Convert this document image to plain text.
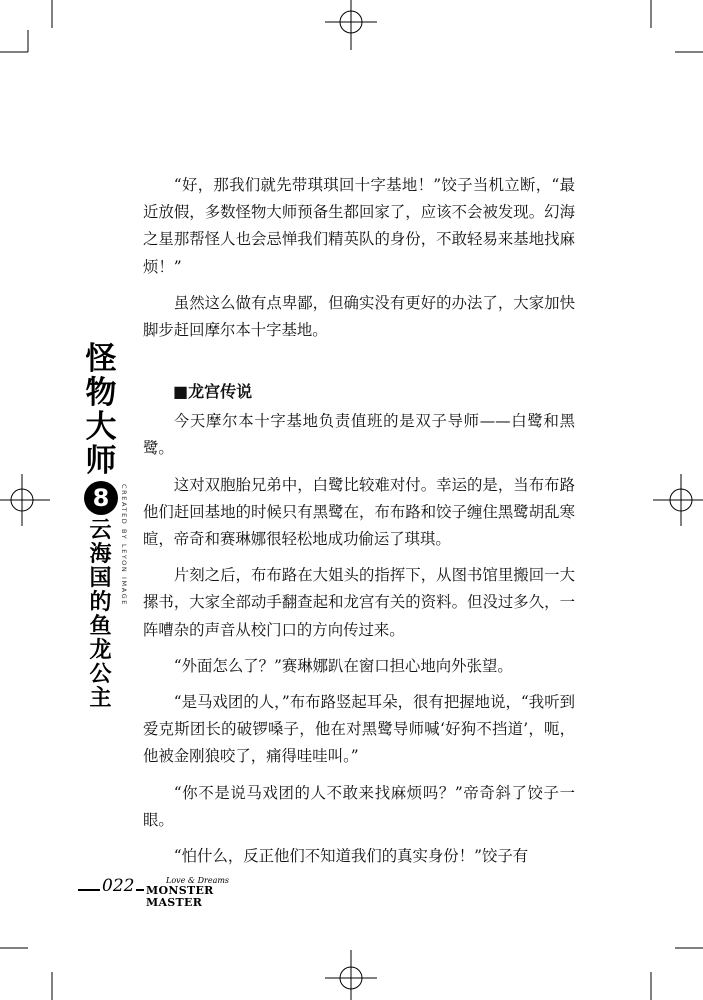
怪
物
大
师
8
云
海
国
的
鱼
龙
公
主
CREATED BY LEYON IMAGE

“好，那我们就先带琪琪回十字基地！”饺子当机立断，“最近放假，多数怪物大师预备生都回家了，应该不会被发现。幻海之星那帮怪人也会忌惮我们精英队的身份，不敢轻易来基地找麻烦！”

虽然这么做有点卑鄙，但确实没有更好的办法了，大家加快脚步赶回摩尔本十字基地。

■龙宫传说

今天摩尔本十字基地负责值班的是双子导师——白鹭和黑鹭。

这对双胞胎兄弟中，白鹭比较难对付。幸运的是，当布布路他们赶回基地的时候只有黑鹭在，布布路和饺子缠住黑鹭胡乱寒暄，帝奇和赛琳娜很轻松地成功偷运了琪琪。

片刻之后，布布路在大姐头的指挥下，从图书馆里搬回一大摞书，大家全部动手翻查起和龙宫有关的资料。但没过多久，一阵嘈杂的声音从校门口的方向传过来。

“外面怎么了？”赛琳娜趴在窗口担心地向外张望。

“是马戏团的人，”布布路竖起耳朵，很有把握地说，“我听到爱克斯团长的破锣嗓子，他在对黑鹭导师喊‘好狗不挡道’，呃，他被金刚狼咬了，痛得哇哇叫。”

“你不是说马戏团的人不敢来找麻烦吗？”帝奇斜了饺子一眼。

“怕什么，反正他们不知道我们的真实身份！”饺子有

022	Love & Dreams
MONSTER MASTER
